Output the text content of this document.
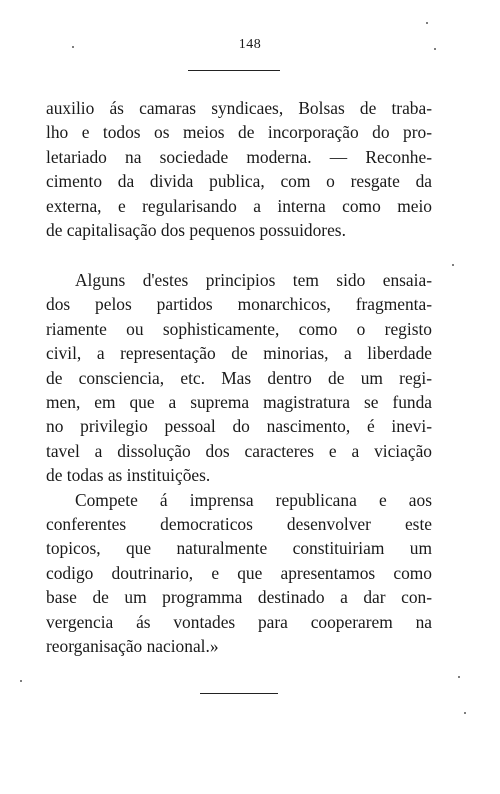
148
auxilio ás camaras syndicaes, Bolsas de traba-
lho e todos os meios de incorporação do pro-
letariado na sociedade moderna. — Reconhe-
cimento da divida publica, com o resgate da
externa, e regularisando a interna como meio
de capitalisação dos pequenos possuidores.
Alguns d'estes principios tem sido ensaia-
dos pelos partidos monarchicos, fragmenta-
riamente ou sophisticamente, como o registo
civil, a representação de minorias, a liberdade
de consciencia, etc. Mas dentro de um regi-
men, em que a suprema magistratura se funda
no privilegio pessoal do nascimento, é inevi-
tavel a dissolução dos caracteres e a viciação
de todas as instituições.
Compete á imprensa republicana e aos
conferentes democraticos desenvolver este
topicos, que naturalmente constituiriam um
codigo doutrinario, e que apresentamos como
base de um programma destinado a dar con-
vergencia ás vontades para cooperarem na
reorganisação nacional.»
